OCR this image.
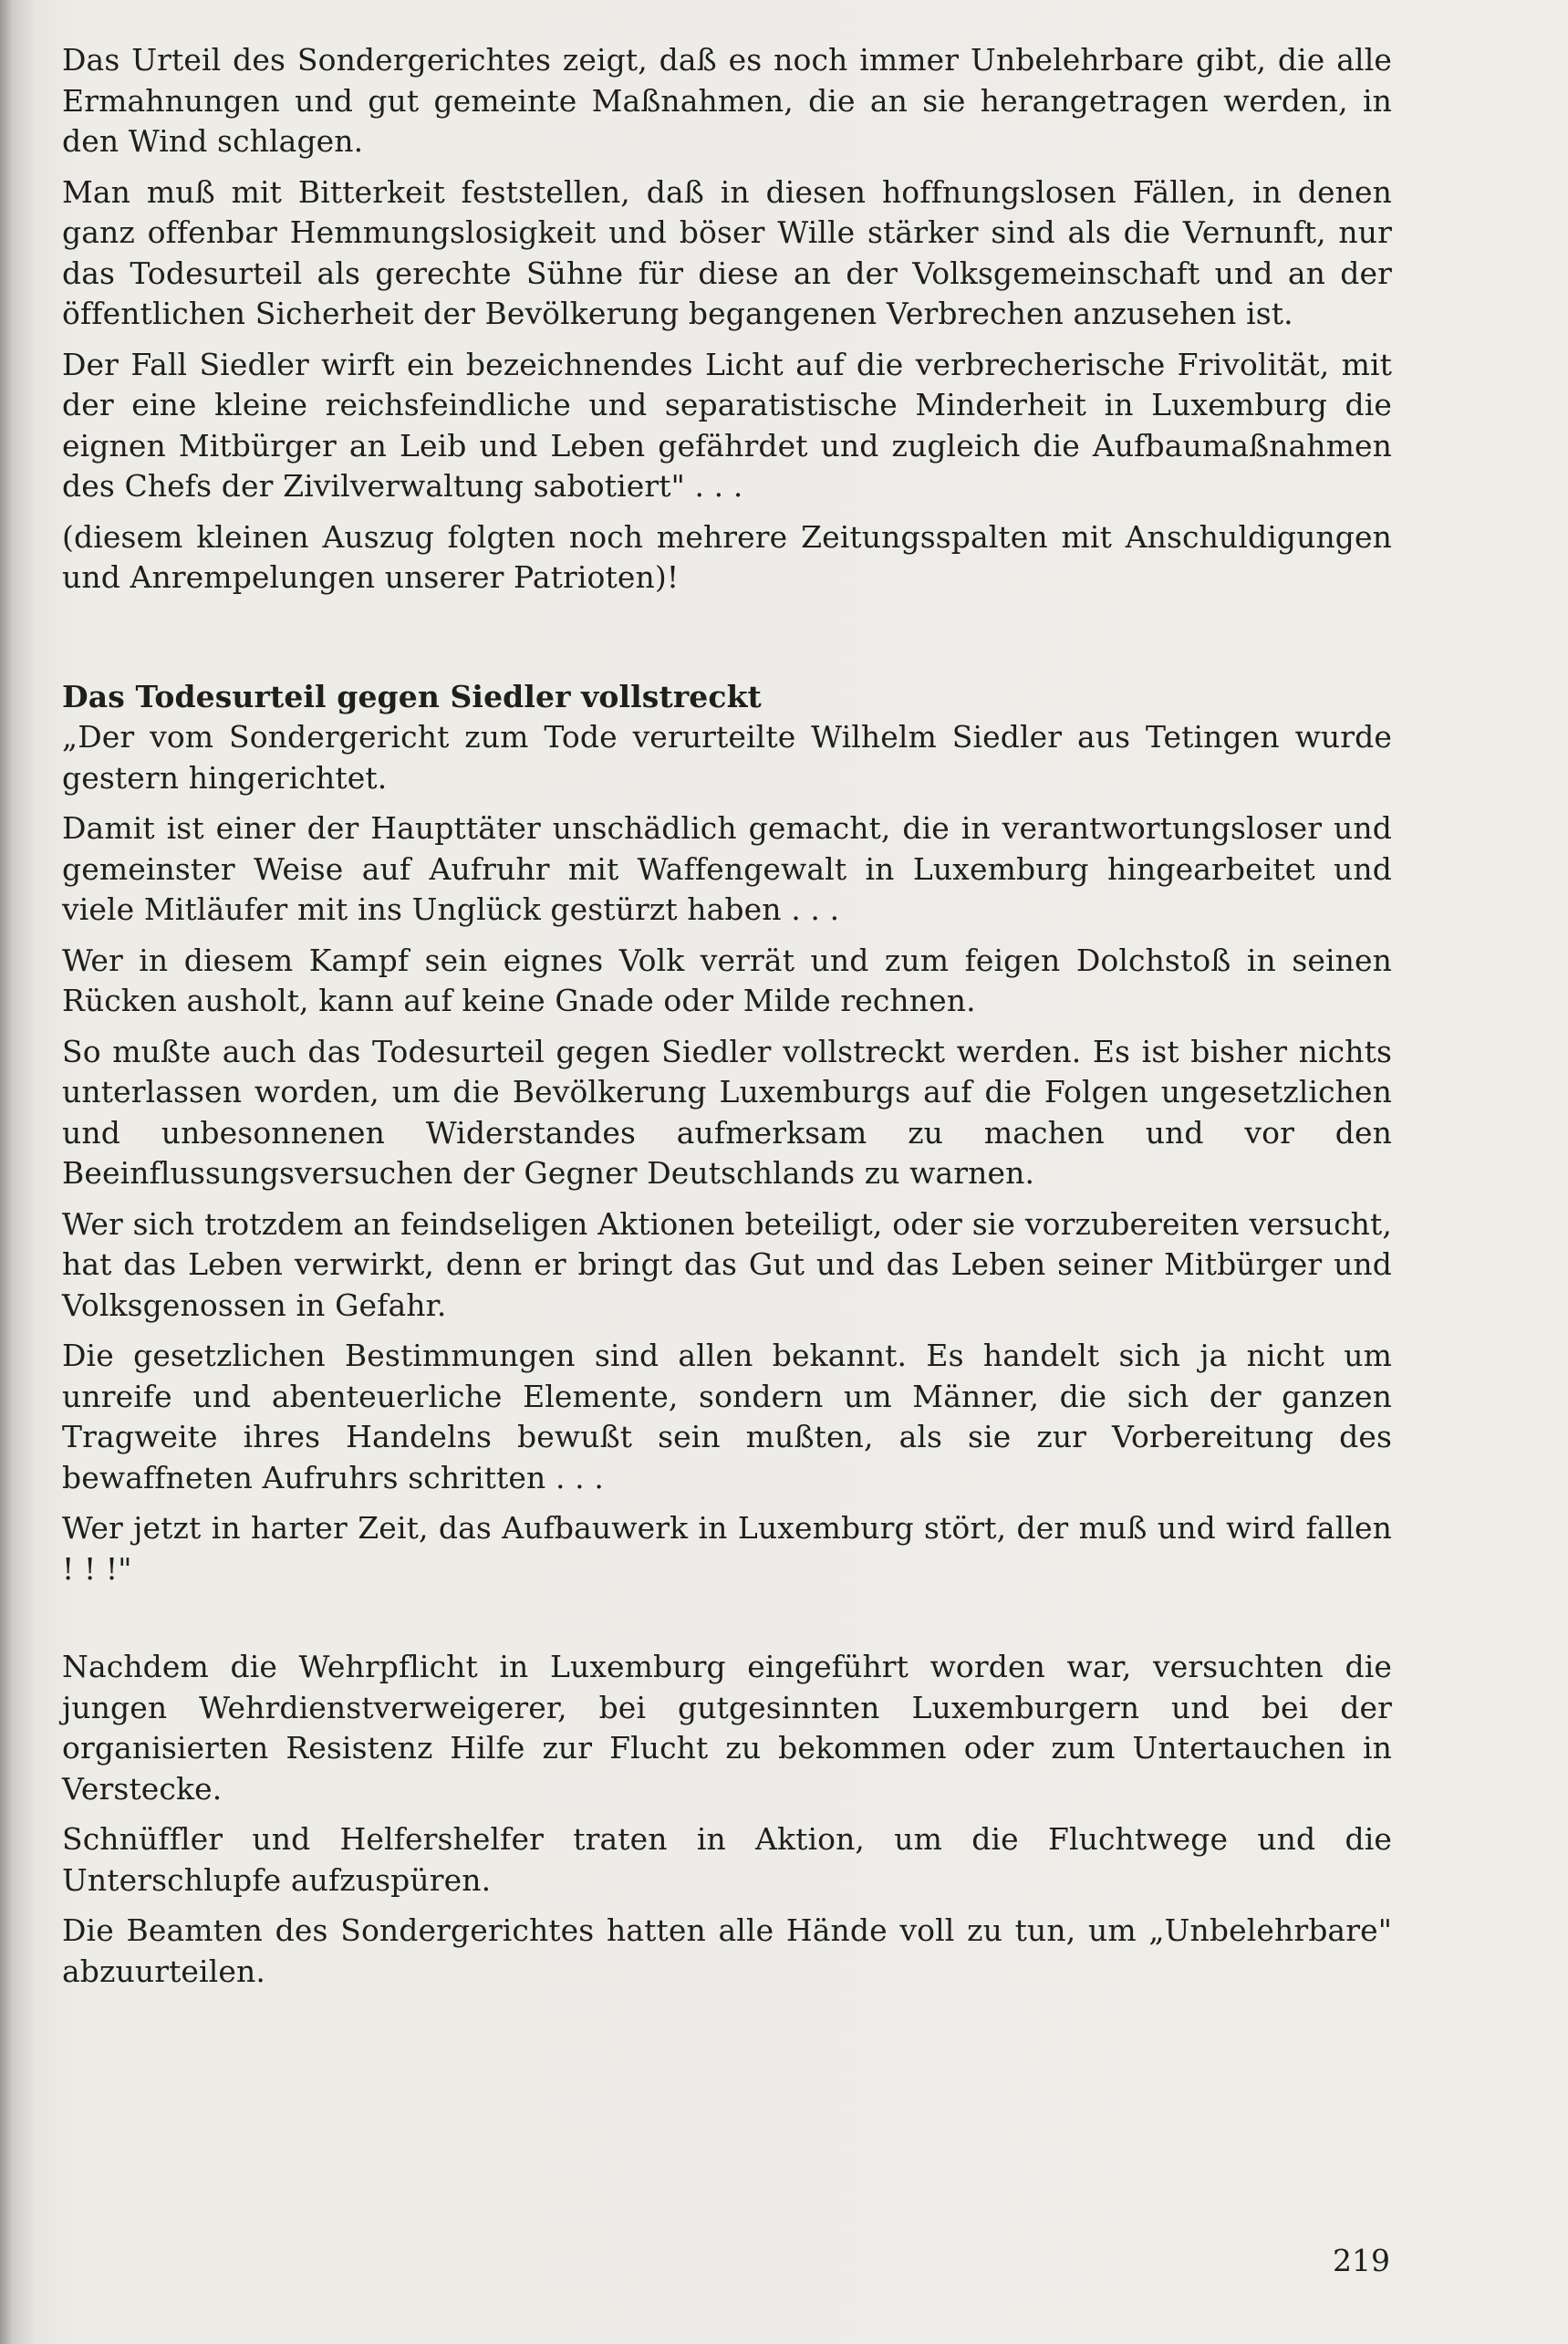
Das Urteil des Sondergerichtes zeigt, daß es noch immer Unbelehrbare gibt, die alle Ermahnungen und gut gemeinte Maßnahmen, die an sie herangetragen werden, in den Wind schlagen.

Man muß mit Bitterkeit feststellen, daß in diesen hoffnungslosen Fällen, in denen ganz offenbar Hemmungslosigkeit und böser Wille stärker sind als die Vernunft, nur das Todesurteil als gerechte Sühne für diese an der Volksgemeinschaft und an der öffentlichen Sicherheit der Bevölkerung begangenen Verbrechen anzusehen ist.

Der Fall Siedler wirft ein bezeichnendes Licht auf die verbrecherische Frivolität, mit der eine kleine reichsfeindliche und separatistische Minderheit in Luxemburg die eignen Mitbürger an Leib und Leben gefährdet und zugleich die Aufbaumaßnahmen des Chefs der Zivilverwaltung sabotiert" . . .

(diesem kleinen Auszug folgten noch mehrere Zeitungsspalten mit Anschuldigungen und Anrempelungen unserer Patrioten)!

Das Todesurteil gegen Siedler vollstreckt

„Der vom Sondergericht zum Tode verurteilte Wilhelm Siedler aus Tetingen wurde gestern hingerichtet.

Damit ist einer der Haupttäter unschädlich gemacht, die in verantwortungsloser und gemeinster Weise auf Aufruhr mit Waffengewalt in Luxemburg hingearbeitet und viele Mitläufer mit ins Unglück gestürzt haben . . .

Wer in diesem Kampf sein eignes Volk verrät und zum feigen Dolchstoß in seinen Rücken ausholt, kann auf keine Gnade oder Milde rechnen.

So mußte auch das Todesurteil gegen Siedler vollstreckt werden. Es ist bisher nichts unterlassen worden, um die Bevölkerung Luxemburgs auf die Folgen ungesetzlichen und unbesonnenen Widerstandes aufmerksam zu machen und vor den Beeinflussungsversuchen der Gegner Deutschlands zu warnen.

Wer sich trotzdem an feindseligen Aktionen beteiligt, oder sie vorzubereiten versucht, hat das Leben verwirkt, denn er bringt das Gut und das Leben seiner Mitbürger und Volksgenossen in Gefahr.

Die gesetzlichen Bestimmungen sind allen bekannt. Es handelt sich ja nicht um unreife und abenteuerliche Elemente, sondern um Männer, die sich der ganzen Tragweite ihres Handelns bewußt sein mußten, als sie zur Vorbereitung des bewaffneten Aufruhrs schritten . . .

Wer jetzt in harter Zeit, das Aufbauwerk in Luxemburg stört, der muß und wird fallen ! ! !"

Nachdem die Wehrpflicht in Luxemburg eingeführt worden war, versuchten die jungen Wehrdienstverweigerer, bei gutgesinnten Luxemburgern und bei der organisierten Resistenz Hilfe zur Flucht zu bekommen oder zum Untertauchen in Verstecke.

Schnüffler und Helfershelfer traten in Aktion, um die Fluchtwege und die Unterschlupfe aufzuspüren.

Die Beamten des Sondergerichtes hatten alle Hände voll zu tun, um „Unbelehrbare" abzuurteilen.

219
